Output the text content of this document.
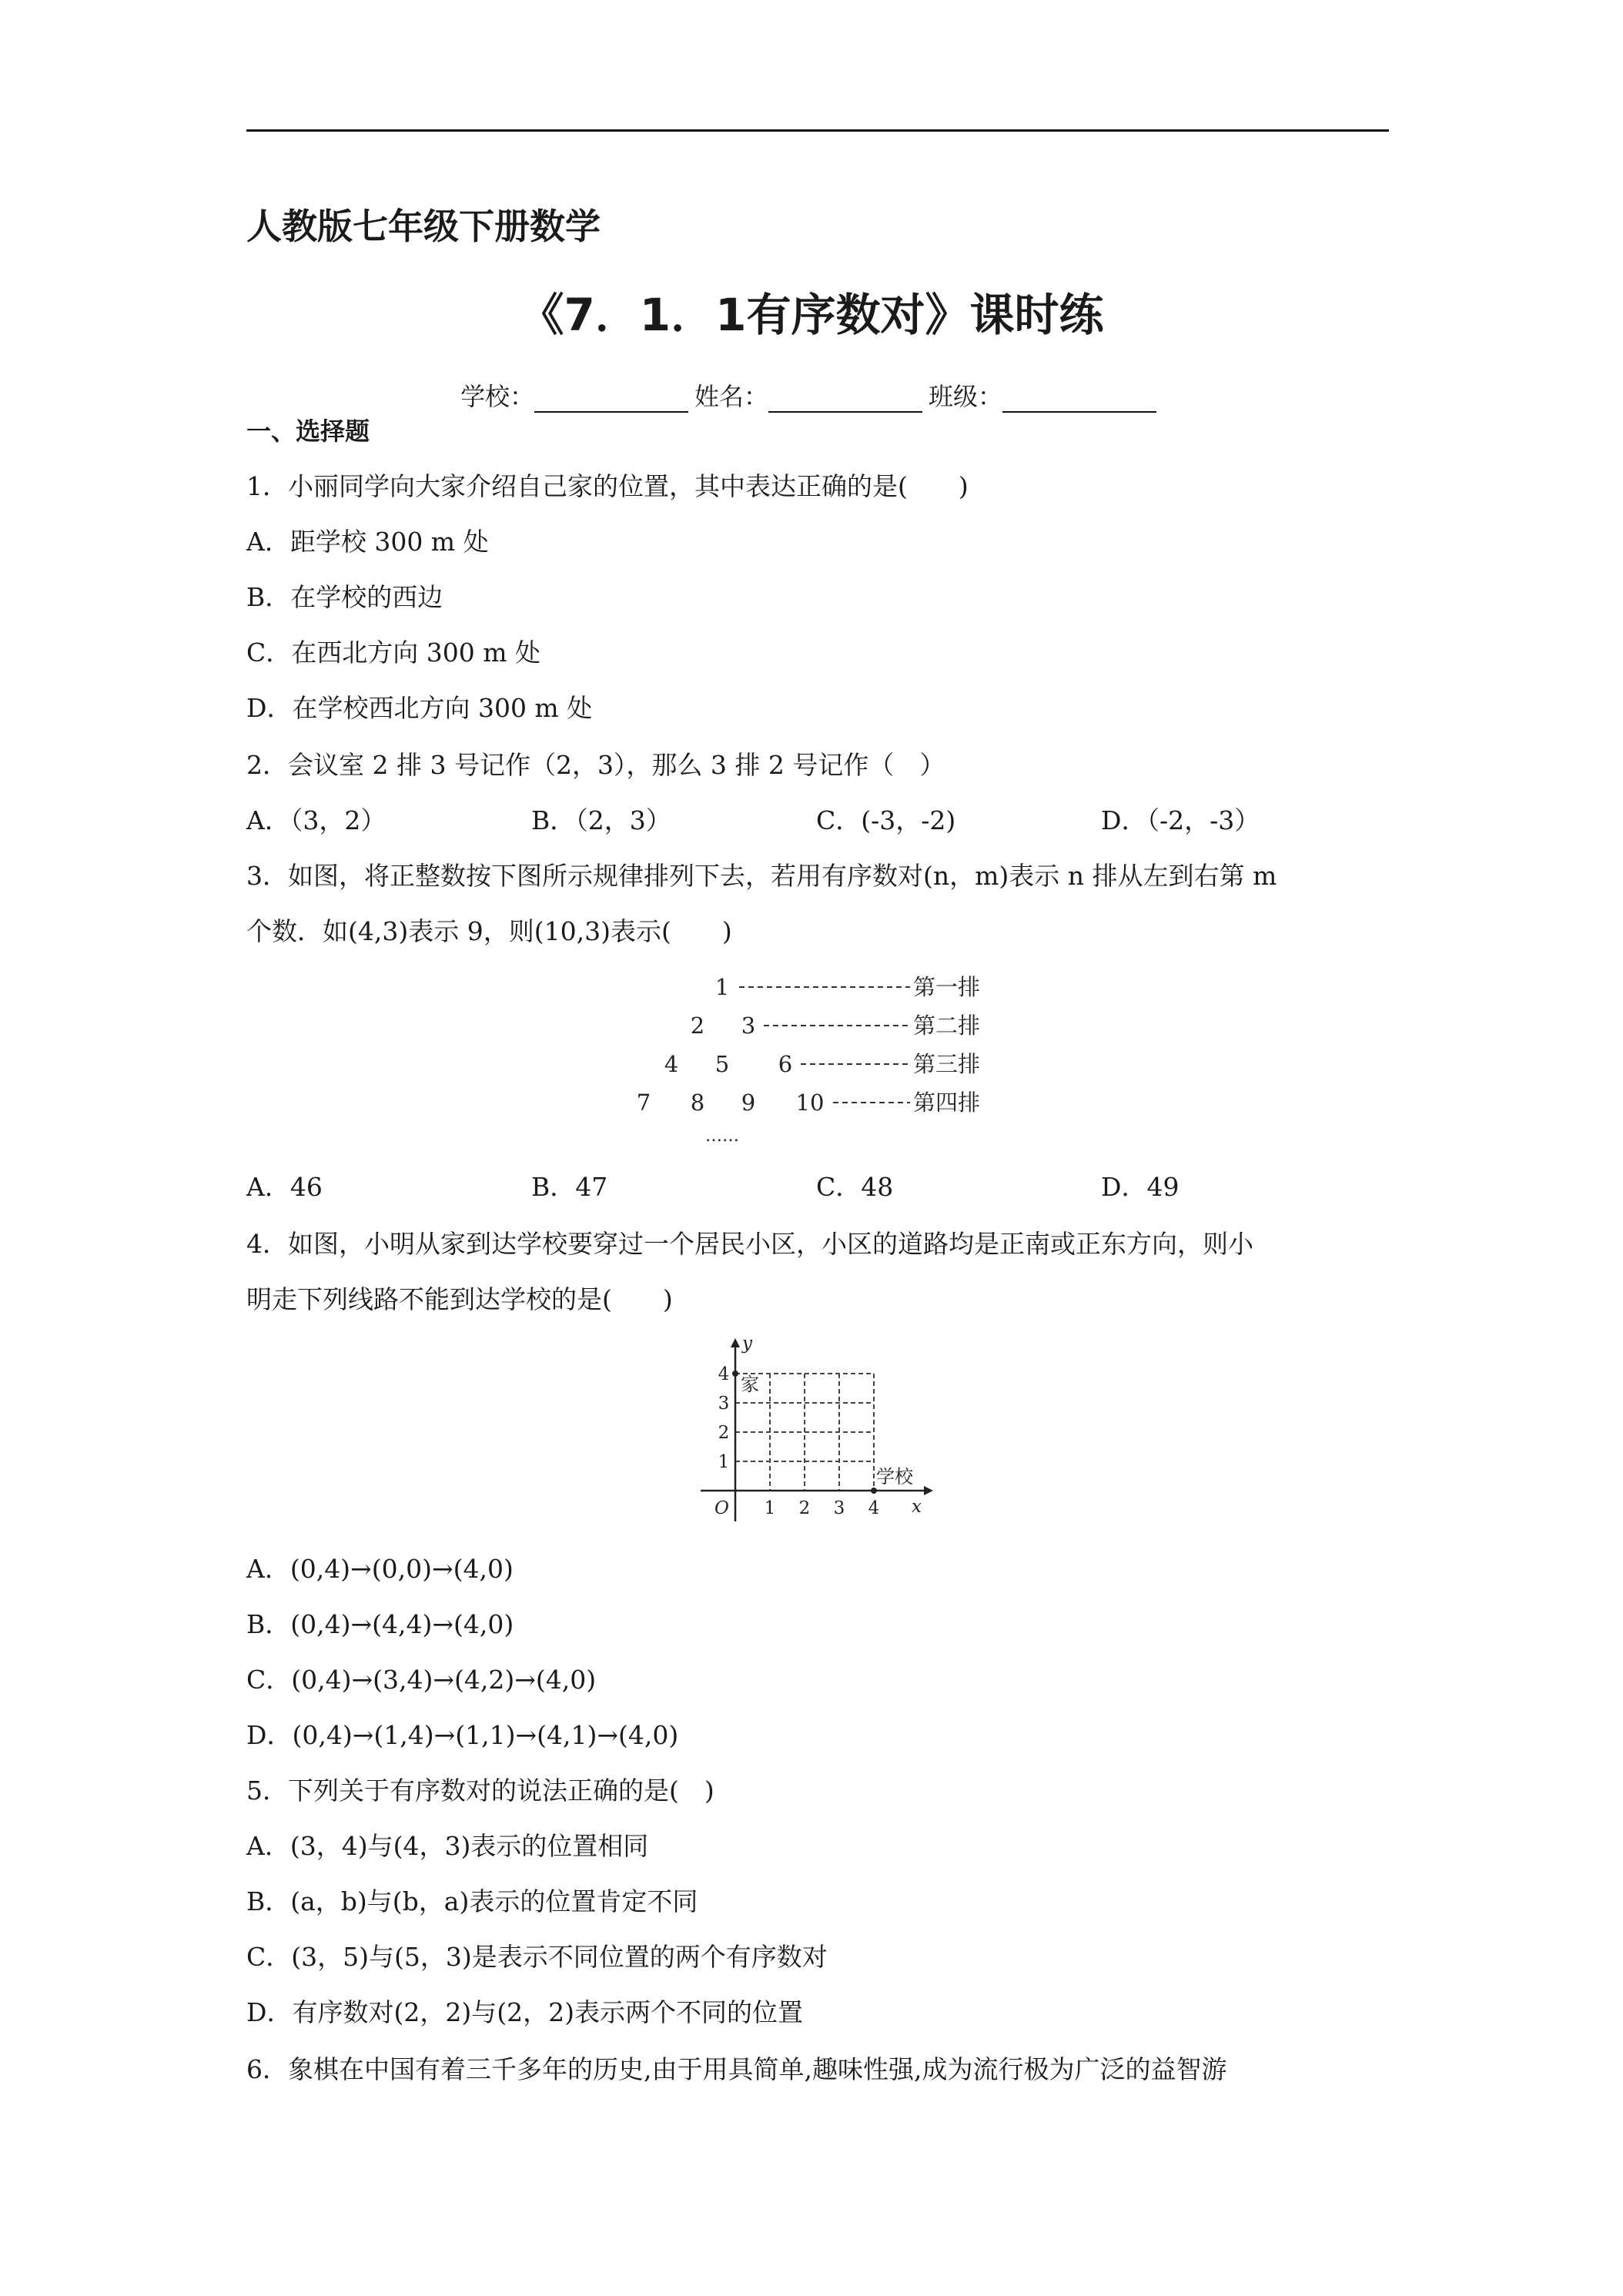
人教版七年级下册数学
《7．1．1有序数对》课时练
学校：	姓名：	班级：
一、选择题
1．小丽同学向大家介绍自己家的位置，其中表达正确的是(　　)
A．距学校 300 m 处
B．在学校的西边
C．在西北方向 300 m 处
D．在学校西北方向 300 m 处
2．会议室 2 排 3 号记作（2，3），那么 3 排 2 号记作（　）
A．（3，2）	B．（2，3）	C．(-3，-2)	D．（-2，-3）
3．如图，将正整数按下图所示规律排列下去，若用有序数对(n，m)表示 n 排从左到右第 m
个数．如(4,3)表示 9，则(10,3)表示(　　)
1	第一排
2 3	第二排
4 5 6	第三排
7 8 9 10	第四排
……
A．46	B．47	C．48	D．49
4．如图，小明从家到达学校要穿过一个居民小区，小区的道路均是正南或正东方向，则小
明走下列线路不能到达学校的是(　　)
y
x
O 1 2 3 4
1
2
3
4 家
学校
A．(0,4)→(0,0)→(4,0)
B．(0,4)→(4,4)→(4,0)
C．(0,4)→(3,4)→(4,2)→(4,0)
D．(0,4)→(1,4)→(1,1)→(4,1)→(4,0)
5．下列关于有序数对的说法正确的是(　)
A．(3，4)与(4，3)表示的位置相同
B．(a，b)与(b，a)表示的位置肯定不同
C．(3，5)与(5，3)是表示不同位置的两个有序数对
D．有序数对(2，2)与(2，2)表示两个不同的位置
6．象棋在中国有着三千多年的历史,由于用具简单,趣味性强,成为流行极为广泛的益智游
